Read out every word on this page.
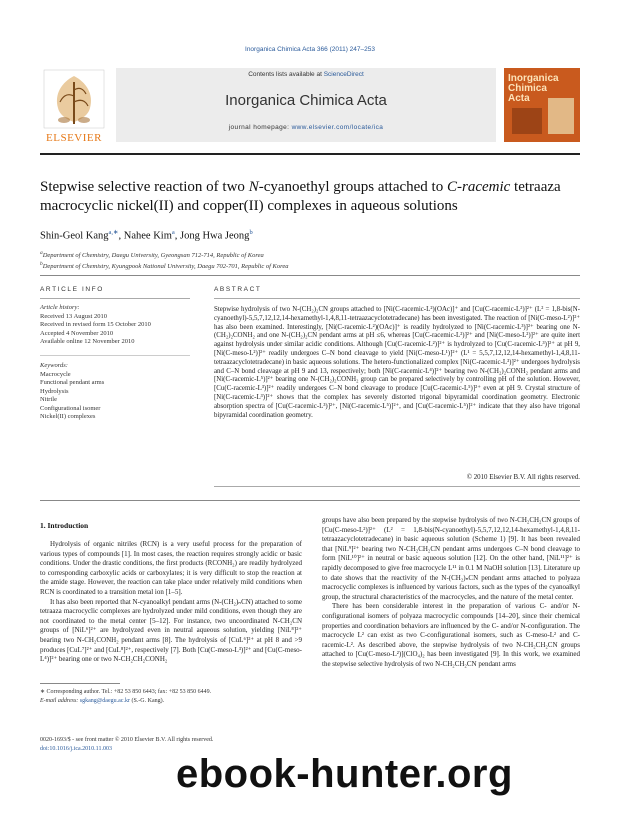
Inorganica Chimica Acta 366 (2011) 247–253
ELSEVIER
Contents lists available at ScienceDirect
Inorganica Chimica Acta
journal homepage: www.elsevier.com/locate/ica
Inorganica Chimica Acta
Stepwise selective reaction of two N-cyanoethyl groups attached to C-racemic tetraaza macrocyclic nickel(II) and copper(II) complexes in aqueous solutions
Shin-Geol Kang$^{a,∗}$, Nahee Kim$^a$, Jong Hwa Jeong$^b$
$^a$Department of Chemistry, Daegu University, Gyeongsan 712-714, Republic of Korea
$^b$Department of Chemistry, Kyungpook National University, Daegu 702-701, Republic of Korea
ARTICLE INFO	ABSTRACT
Article history:
Received 13 August 2010
Received in revised form 15 October 2010
Accepted 4 November 2010
Available online 12 November 2010
Keywords:
Macrocycle
Functional pendant arms
Hydrolysis
Nitrile
Configurational isomer
Nickel(II) complexes
Stepwise hydrolysis of two N-(CH₂)₂CN groups attached to [Ni(C-racemic-L²)(OAc)]⁺ and [Cu(C-racemic-L²)]²⁺ (L² = 1,8-bis(N-cyanoethyl)-5,5,7,12,12,14-hexamethyl-1,4,8,11-tetraazacyclotetradecane) has been investigated. The reaction of [Ni(C-meso-L²)]²⁺ has also been examined. Interestingly, [Ni(C-racemic-L²)(OAc)]⁺ is readily hydrolyzed to [Ni(C-racemic-L³)]²⁺ bearing one N-(CH₂)₂CONH₂ and one N-(CH₂)₂CN pendant arms at pH ≤6, whereas [Cu(C-racemic-L²)]²⁺ and [Ni(C-meso-L²)]²⁺ are quite inert against hydrolysis under similar acidic conditions. Although [Cu(C-racemic-L²)]²⁺ is hydrolyzed to [Cu(C-racemic-L³)]²⁺ at pH 9, [Ni(C-meso-L²)]²⁺ readily undergoes C–N bond cleavage to yield [Ni(C-meso-L¹)]²⁺ (L¹ = 5,5,7,12,12,14-hexamethyl-1,4,8,11-tetraazacyclotetradecane) in basic aqueous solutions. The hetero-functionalized complex [Ni(C-racemic-L³)]²⁺ undergoes hydrolysis and C–N bond cleavage at pH 9 and 13, respectively; both [Ni(C-racemic-L⁴)]²⁺ bearing two N-(CH₂)₂CONH₂ pendant arms and [Ni(C-racemic-L⁵)]²⁺ bearing one N-(CH₂)₂CONH₂ group can be prepared selectively by controlling pH of the solution. However, [Cu(C-racemic-L³)]²⁺ readily undergoes C–N bond cleavage to produce [Cu(C-racemic-L⁵)]²⁺ even at pH 9. Crystal structure of [Ni(C-racemic-L³)]²⁺ shows that the complex has severely distorted trigonal bipyramidal coordination geometry. Electronic absorption spectra of [Cu(C-racemic-L³)]²⁺, [Ni(C-racemic-L⁵)]²⁺, and [Cu(C-racemic-L⁵)]²⁺ indicate that they also have trigonal bipyramidal coordination geometry.
© 2010 Elsevier B.V. All rights reserved.
1. Introduction

Hydrolysis of organic nitriles (RCN) is a very useful process for the preparation of various types of compounds [1]. In most cases, the reaction requires strongly acidic or basic conditions. Under the drastic conditions, the first products (RCONH₂) are readily hydrolyzed to corresponding carboxylic acids or carboxylates; it is very difficult to stop the reaction at the amide stage. However, the reaction can take place under relatively mild conditions when RCN is coordinated to a transition metal ion [1–5].

It has also been reported that N-cyanoalkyl pendant arms (N-(CH₂)ₙCN) attached to some tetraaza macrocyclic complexes are hydrolyzed under mild conditions, even though they are not coordinated to the metal center [5–12]. For instance, two uncoordinated N-CH₂CN groups of [NiL⁶]²⁺ are hydrolyzed even in neutral aqueous solution, yielding [NiL⁸]²⁺ bearing two N-CH₂CONH₂ pendant arms [8]. The hydrolysis of [CuL⁶]²⁺ at pH 8 and >9 produces [CuL⁷]²⁺ and [CuL⁸]²⁺, respectively [7]. Both [Cu(C-meso-L³)]²⁺ and [Cu(C-meso-L⁴)]²⁺ bearing one or two N-CH₂CH₂CONH₂

groups have also been prepared by the stepwise hydrolysis of two N-CH₂CH₂CN groups of [Cu(C-meso-L²)]²⁺ (L² = 1,8-bis(N-cyanoethyl)-5,5,7,12,12,14-hexamethyl-1,4,8,11-tetraazacyclotetradecane) in basic aqueous solution (Scheme 1) [9]. It has been revealed that [NiL⁹]²⁺ bearing two N-CH₂CH₂CN pendant arms undergoes C–N bond cleavage to form [NiL¹⁰]²⁺ in neutral or basic aqueous solution [12]. On the other hand, [NiL¹¹]²⁺ is rapidly decomposed to give free macrocycle L¹¹ in 0.1 M NaOH solution [13]. Literature up to date shows that the reactivity of the N-(CH₂)ₙCN pendant arms attached to polyaza macrocyclic complexes is influenced by various factors, such as the types of the cyanoalkyl group, the structural characteristics of the macrocycles, and the nature of the metal center.

There has been considerable interest in the preparation of various C- and/or N-configurational isomers of polyaza macrocyclic compounds [14–20], since their chemical properties and coordination behaviors are influenced by the C- and/or N-configuration. The macrocycle L² can exist as two C-configurational isomers, such as C-meso-L² and C-racemic-L². As described above, the stepwise hydrolysis of two N-CH₂CH₂CN groups attached to [Cu(C-meso-L²)](ClO₄)₂ has been investigated [9]. In this work, we examined the stepwise selective hydrolysis of two N-CH₂CH₂CN pendant arms

∗ Corresponding author. Tel.: +82 53 850 6443; fax: +82 53 850 6449.
E-mail address: sgkang@daegu.ac.kr (S.-G. Kang).
0020-1693/$ - see front matter © 2010 Elsevier B.V. All rights reserved.
doi:10.1016/j.ica.2010.11.003
ebook-hunter.org
